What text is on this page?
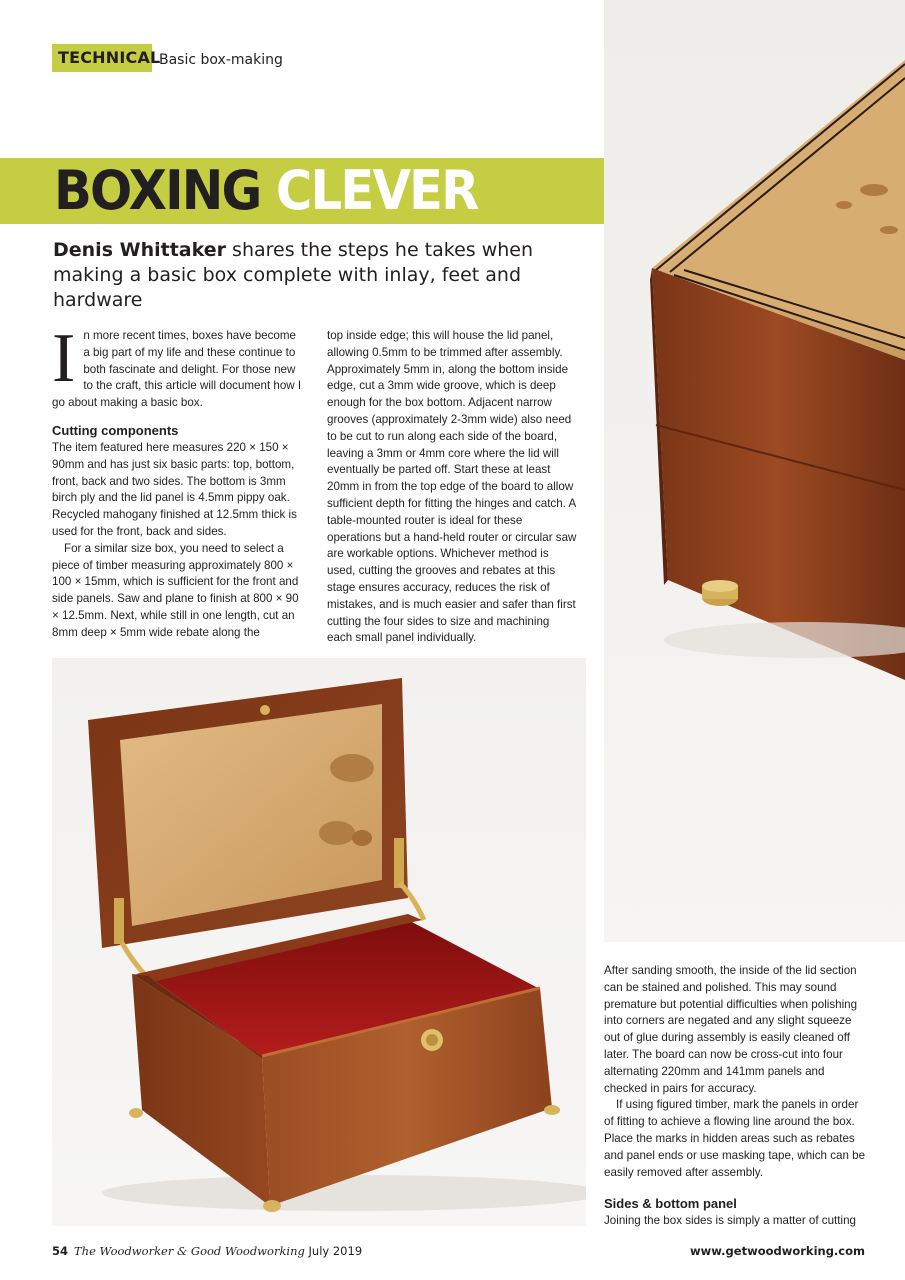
TECHNICAL
Basic box-making
BOXING CLEVER
Denis Whittaker shares the steps he takes when making a basic box complete with inlay, feet and hardware

In more recent times, boxes have become a big part of my life and these continue to both fascinate and delight. For those new to the craft, this article will document how I go about making a basic box.

Cutting components

The item featured here measures 220 × 150 × 90mm and has just six basic parts: top, bottom, front, back and two sides. The bottom is 3mm birch ply and the lid panel is 4.5mm pippy oak. Recycled mahogany finished at 12.5mm thick is used for the front, back and sides.

For a similar size box, you need to select a piece of timber measuring approximately 800 × 100 × 15mm, which is sufficient for the front and side panels. Saw and plane to finish at 800 × 90 × 12.5mm. Next, while still in one length, cut an 8mm deep × 5mm wide rebate along the

top inside edge; this will house the lid panel, allowing 0.5mm to be trimmed after assembly. Approximately 5mm in, along the bottom inside edge, cut a 3mm wide groove, which is deep enough for the box bottom. Adjacent narrow grooves (approximately 2-3mm wide) also need to be cut to run along each side of the board, leaving a 3mm or 4mm core where the lid will eventually be parted off. Start these at least 20mm in from the top edge of the board to allow sufficient depth for fitting the hinges and catch. A table-mounted router is ideal for these operations but a hand-held router or circular saw are workable options. Whichever method is used, cutting the grooves and rebates at this stage ensures accuracy, reduces the risk of mistakes, and is much easier and safer than first cutting the four sides to size and machining each small panel individually.

After sanding smooth, the inside of the lid section can be stained and polished. This may sound premature but potential difficulties when polishing into corners are negated and any slight squeeze out of glue during assembly is easily cleaned off later. The board can now be cross-cut into four alternating 220mm and 141mm panels and checked in pairs for accuracy.

If using figured timber, mark the panels in order of fitting to achieve a flowing line around the box. Place the marks in hidden areas such as rebates and panel ends or use masking tape, which can be easily removed after assembly.

Sides & bottom panel

Joining the box sides is simply a matter of cutting

54 The Woodworker & Good Woodworking July 2019	www.getwoodworking.com
